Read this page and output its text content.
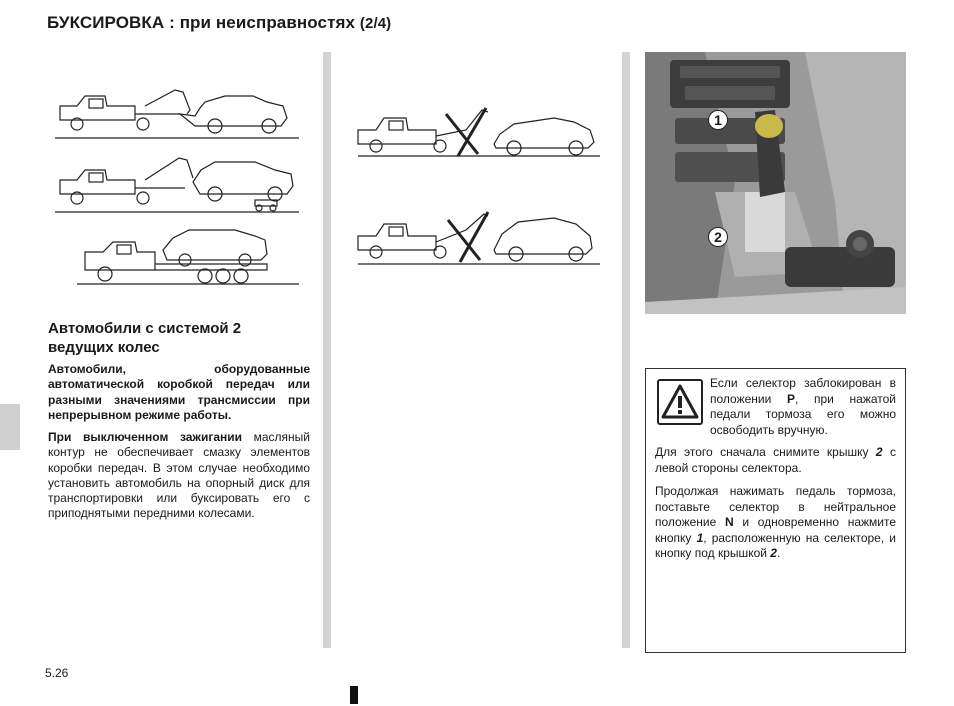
БУКСИРОВКА : при неисправностях (2/4)
Автомобили с системой 2 ведущих колес
Автомобили, оборудованные автоматической коробкой передач или разными значениями трансмиссии при непрерывном режиме работы.
При выключенном зажигании масляный контур не обеспечивает смазку элементов коробки передач. В этом случае необходимо установить автомобиль на опорный диск для транспортировки или буксировать его с приподнятыми передними колесами.
1
2
Если селектор заблокирован в положении P, при нажатой педали тормоза его можно освободить вручную.
Для этого сначала снимите крышку 2 с левой стороны селектора.
Продолжая нажимать педаль тормоза, поставьте селектор в нейтральное положение N и одновременно нажмите кнопку 1, расположенную на селекторе, и кнопку под крышкой 2.
5.26
